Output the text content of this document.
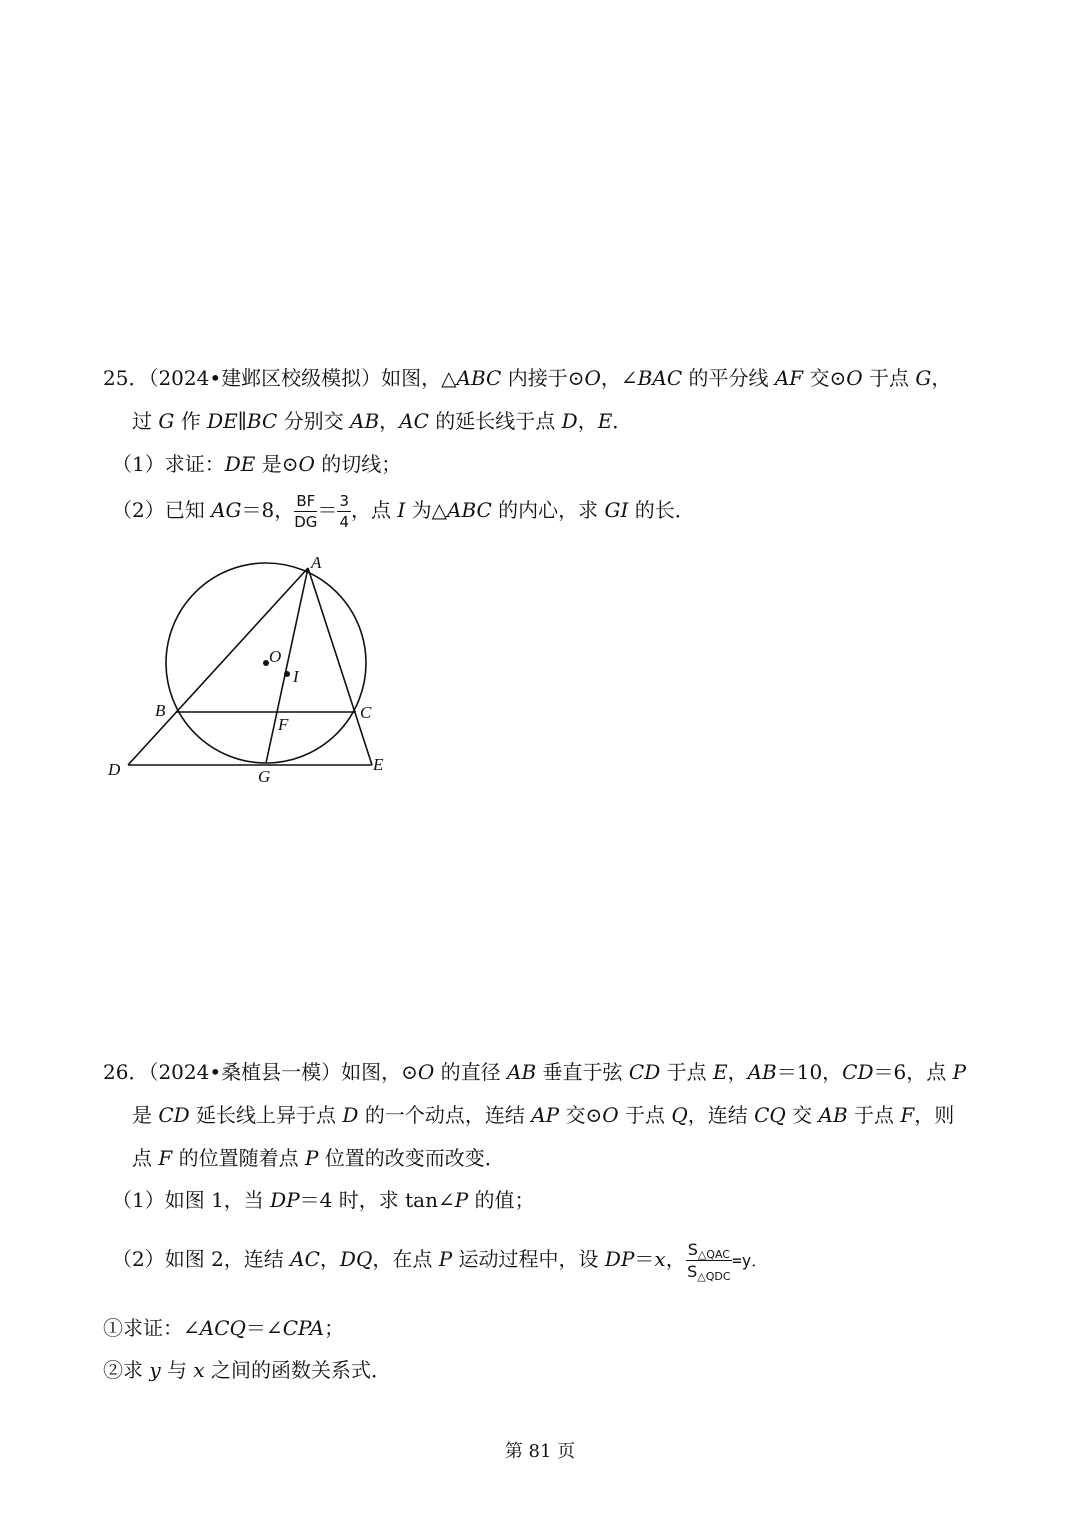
25．（2024•建邺区校级模拟）如图，△ABC 内接于⊙O，∠BAC 的平分线 AF 交⊙O 于点 G，
过 G 作 DE∥BC 分别交 AB，AC 的延长线于点 D，E．
（1）求证：DE 是⊙O 的切线；
（2）已知 AG＝8， $\frac{BF}{DG} = \frac{3}{4}$ ，点 I 为△ABC 的内心，求 GI 的长．
A
O
I
B	C
F
D	G
E
26．（2024•桑植县一模）如图，⊙O 的直径 AB 垂直于弦 CD 于点 E，AB＝10，CD＝6，点 P
是 CD 延长线上异于点 D 的一个动点，连结 AP 交⊙O 于点 Q，连结 CQ 交 AB 于点 F，则
点 F 的位置随着点 P 位置的改变而改变．
（1）如图 1，当 DP＝4 时，求 tan∠P 的值；
（2）如图 2，连结 AC，DQ，在点 P 运动过程中，设 DP＝x， $\frac{\text{S△QAC}}{\text{S△QDC}} =y$．
①求证：∠ACQ＝∠CPA；
②求 y 与 x 之间的函数关系式．
第 81 页
